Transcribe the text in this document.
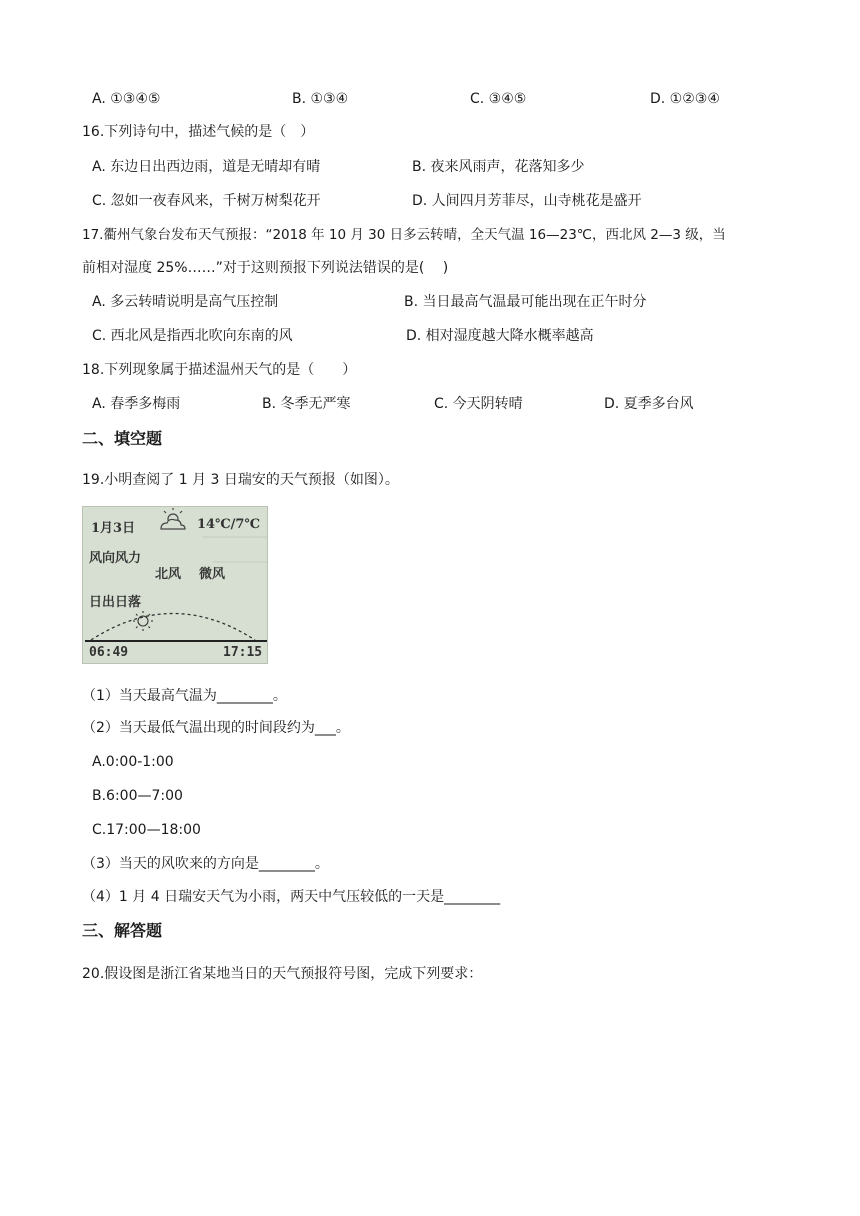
A. ①③④⑤	B. ①③④	C. ③④⑤	D. ①②③④
16.下列诗句中，描述气候的是（　）
A. 东边日出西边雨，道是无晴却有晴	B. 夜来风雨声，花落知多少
C. 忽如一夜春风来，千树万树梨花开	D. 人间四月芳菲尽，山寺桃花是盛开
17.衢州气象台发布天气预报：“2018 年 10 月 30 日多云转晴，全天气温 16—23℃，西北风 2—3 级，当
前相对湿度 25%……”对于这则预报下列说法错误的是(　 )
A. 多云转晴说明是高气压控制	B. 当日最高气温最可能出现在正午时分
C. 西北风是指西北吹向东南的风	D. 相对湿度越大降水概率越高
18.下列现象属于描述温州天气的是（　　）
A. 春季多梅雨	B. 冬季无严寒	C. 今天阴转晴	D. 夏季多台风
二、填空题
19.小明查阅了 1 月 3 日瑞安的天气预报（如图）。
1月3日	14℃/7℃
风向风力
北风 微风
日出日落
06:49	17:15
（1）当天最高气温为________。
（2）当天最低气温出现的时间段约为___。
A.0:00-1:00
B.6:00—7:00
C.17:00—18:00
（3）当天的风吹来的方向是________。
（4）1 月 4 日瑞安天气为小雨，两天中气压较低的一天是________
三、解答题
20.假设图是浙江省某地当日的天气预报符号图，完成下列要求：
